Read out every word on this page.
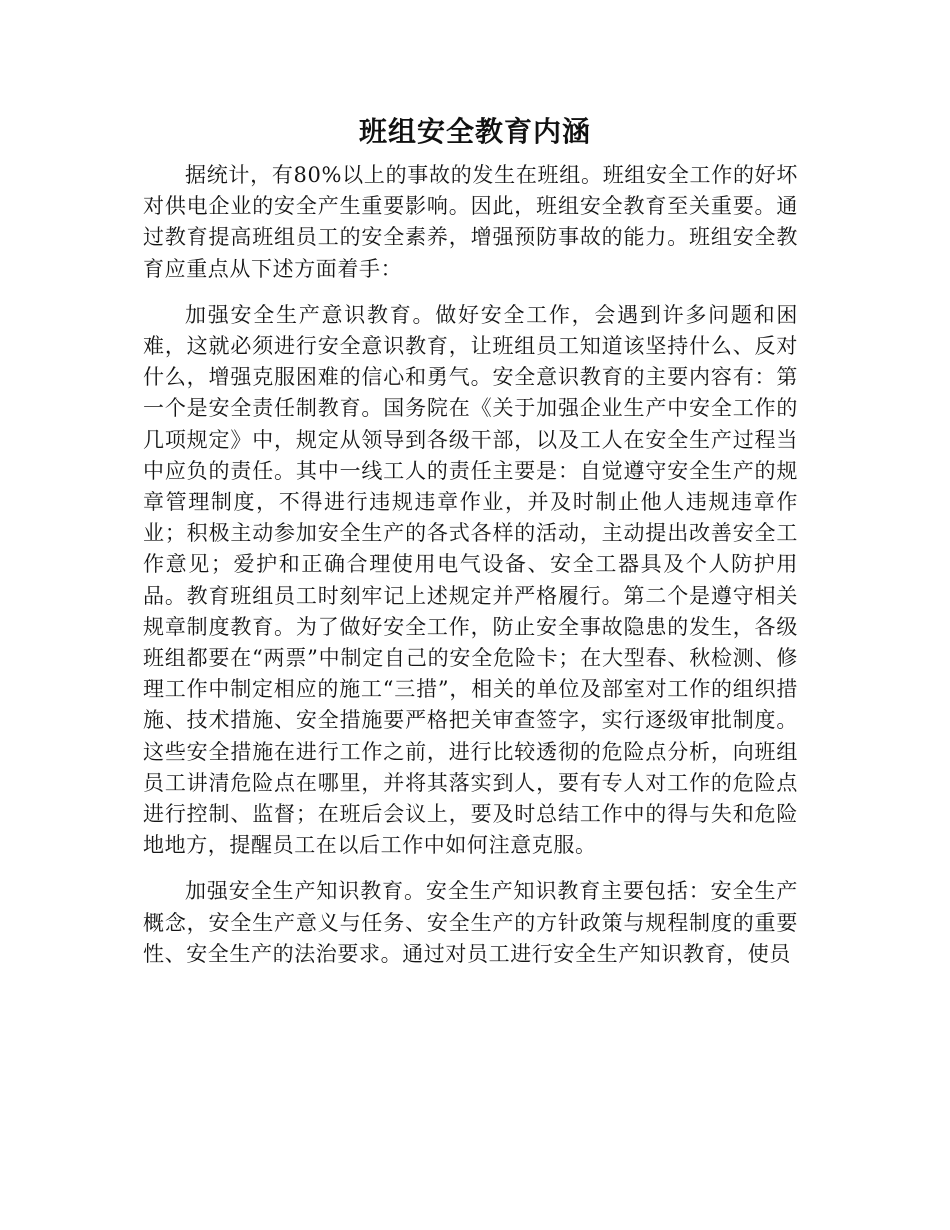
班组安全教育内涵

据统计，有80%以上的事故的发生在班组。班组安全工作的好坏对供电企业的安全产生重要影响。因此，班组安全教育至关重要。通过教育提高班组员工的安全素养，增强预防事故的能力。班组安全教育应重点从下述方面着手：

加强安全生产意识教育。做好安全工作，会遇到许多问题和困难，这就必须进行安全意识教育，让班组员工知道该坚持什么、反对什么，增强克服困难的信心和勇气。安全意识教育的主要内容有：第一个是安全责任制教育。国务院在《关于加强企业生产中安全工作的几项规定》中，规定从领导到各级干部，以及工人在安全生产过程当中应负的责任。其中一线工人的责任主要是：自觉遵守安全生产的规章管理制度，不得进行违规违章作业，并及时制止他人违规违章作业；积极主动参加安全生产的各式各样的活动，主动提出改善安全工作意见；爱护和正确合理使用电气设备、安全工器具及个人防护用品。教育班组员工时刻牢记上述规定并严格履行。第二个是遵守相关规章制度教育。为了做好安全工作，防止安全事故隐患的发生，各级班组都要在“两票”中制定自己的安全危险卡；在大型春、秋检测、修理工作中制定相应的施工“三措”，相关的单位及部室对工作的组织措施、技术措施、安全措施要严格把关审查签字，实行逐级审批制度。这些安全措施在进行工作之前，进行比较透彻的危险点分析，向班组员工讲清危险点在哪里，并将其落实到人，要有专人对工作的危险点进行控制、监督；在班后会议上，要及时总结工作中的得与失和危险地地方，提醒员工在以后工作中如何注意克服。

加强安全生产知识教育。安全生产知识教育主要包括：安全生产概念，安全生产意义与任务、安全生产的方针政策与规程制度的重要性、安全生产的法治要求。通过对员工进行安全生产知识教育，使员
